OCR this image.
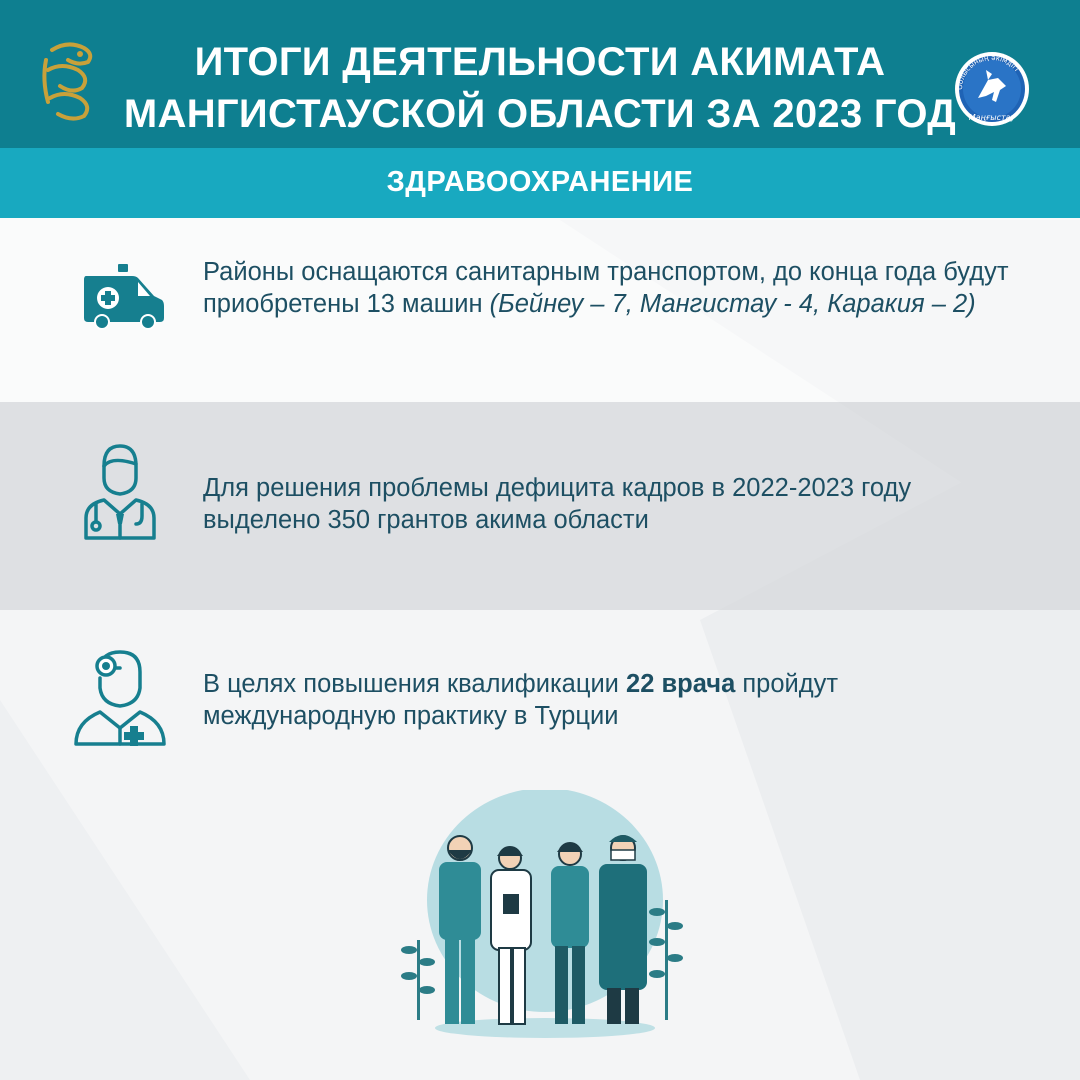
ИТОГИ ДЕЯТЕЛЬНОСТИ АКИМАТА
МАНГИСТАУСКОЙ ОБЛАСТИ ЗА 2023 ГОД
Облысының әкімдігі
Маңғыстау
ЗДРАВООХРАНЕНИЕ
Районы оснащаются санитарным транспортом, до конца года будут приобретены 13 машин (Бейнеу – 7, Мангистау - 4, Каракия – 2)
Для решения проблемы дефицита кадров в 2022-2023 году выделено 350 грантов акима области
В целях повышения квалификации 22 врача пройдут международную практику в Турции
